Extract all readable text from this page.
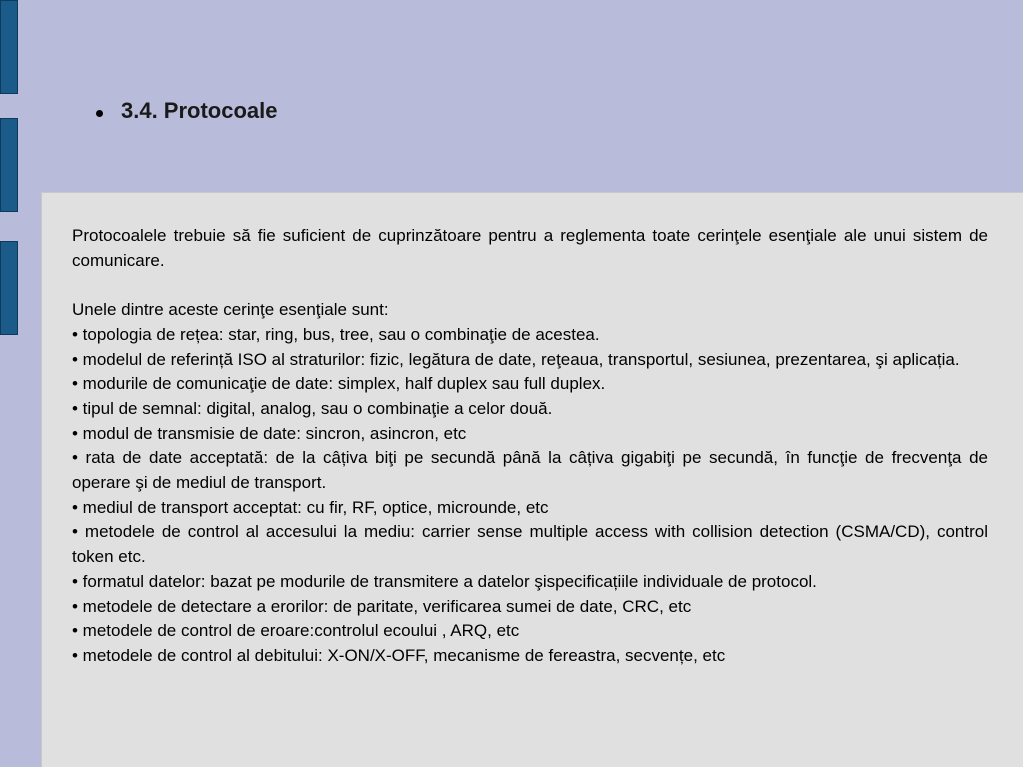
3.4. Protocoale

Protocoalele trebuie să fie suficient de cuprinzătoare pentru a reglementa toate cerinţele esenţiale ale unui sistem de comunicare.

Unele dintre aceste cerinţe esenţiale sunt:

• topologia de rețea: star, ring, bus, tree, sau o combinaţie de acestea.

• modelul de referință ISO al straturilor: fizic, legătura de date, reţeaua, transportul, sesiunea, prezentarea, şi aplicația.

• modurile de comunicaţie de date: simplex, half duplex sau full duplex.

• tipul de semnal: digital, analog, sau o combinaţie a celor două.

• modul de transmisie de date: sincron, asincron, etc

• rata de date acceptată: de la câțiva biţi pe secundă până la câțiva gigabiţi pe secundă, în funcţie de frecvenţa de operare şi de mediul de transport.

• mediul de transport acceptat: cu fir, RF, optice, microunde, etc

• metodele de control al accesului la mediu: carrier sense multiple access with collision detection (CSMA/CD), control token etc.

• formatul datelor: bazat pe modurile de transmitere a datelor şispecificațiile individuale de protocol.

• metodele de detectare a erorilor: de paritate, verificarea sumei de date, CRC, etc

• metodele de control de eroare:controlul ecoului , ARQ, etc

• metodele de control al debitului: X-ON/X-OFF, mecanisme de fereastra, secvențe, etc
